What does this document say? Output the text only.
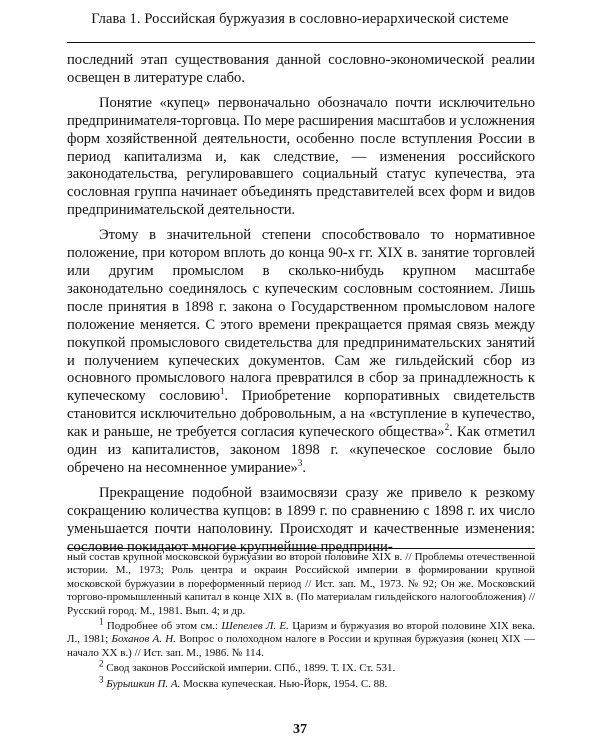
Глава 1. Российская буржуазия в сословно-иерархической системе

последний этап существования данной сословно-экономической реалии освещен в литературе слабо.

Понятие «купец» первоначально обозначало почти исключительно предпринимателя-торговца. По мере расширения масштабов и усложнения форм хозяйственной деятельности, особенно после вступления России в период капитализма и, как следствие, — изменения российского законодательства, регулировавшего социальный статус купечества, эта сословная группа начинает объединять представителей всех форм и видов предпринимательской деятельности.

Этому в значительной степени способствовало то нормативное положение, при котором вплоть до конца 90-х гг. XIX в. занятие торговлей или другим промыслом в сколько-нибудь крупном масштабе законодательно соединялось с купеческим сословным состоянием. Лишь после принятия в 1898 г. закона о Государственном промысловом налоге положение меняется. С этого времени прекращается прямая связь между покупкой промыслового свидетельства для предпринимательских занятий и получением купеческих документов. Сам же гильдейский сбор из основного промыслового налога превратился в сбор за принадлежность к купеческому сословию$^1$. Приобретение корпоративных свидетельств становится исключительно добровольным, а на «вступление в купечество, как и раньше, не требуется согласия купеческого общества»$^2$. Как отметил один из капиталистов, законом 1898 г. «купеческое сословие было обречено на несомненное умирание»$^3$.

Прекращение подобной взаимосвязи сразу же привело к резкому сокращению количества купцов: в 1899 г. по сравнению с 1898 г. их число уменьшается почти наполовину. Происходят и качественные изменения: сословие покидают многие крупнейшие предприни-

ный состав крупной московской буржуазии во второй половине XIX в. // Проблемы отечественной истории. М., 1973; Роль центра и окраин Российской империи в формировании крупной московской буржуазии в пореформенный период // Ист. зап. М., 1973. № 92; Он же. Московский торгово-промышленный капитал в конце XIX в. (По материалам гильдейского налогообложения) // Русский город. М., 1981. Вып. 4; и др.

$^1$ Подробнее об этом см.: Шепелев Л. Е. Царизм и буржуазия во второй половине XIX века. Л., 1981; Боханов А. Н. Вопрос о полоходном налоге в России и крупная буржуазия (конец XIX — начало XX в.) // Ист. зап. М., 1986. № 114.

$^2$ Свод законов Российской империи. СПб., 1899. Т. IX. Ст. 531.

$^3$ Бурышкин П. А. Москва купеческая. Нью-Йорк, 1954. С. 88.

37
